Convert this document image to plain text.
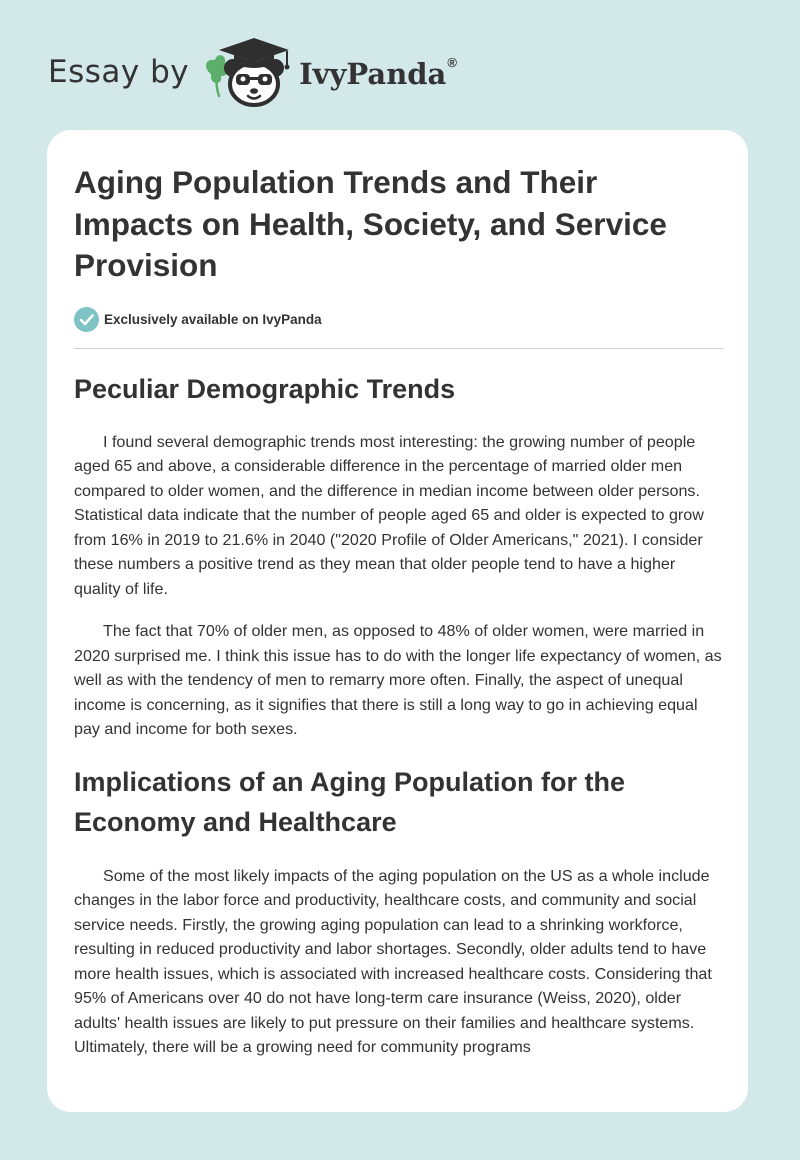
Essay by	IvyPanda®
Aging Population Trends and Their Impacts on Health, Society, and Service Provision
Exclusively available on IvyPanda
Peculiar Demographic Trends

I found several demographic trends most interesting: the growing number of people aged 65 and above, a considerable difference in the percentage of married older men compared to older women, and the difference in median income between older persons. Statistical data indicate that the number of people aged 65 and older is expected to grow from 16% in 2019 to 21.6% in 2040 ("2020 Profile of Older Americans," 2021). I consider these numbers a positive trend as they mean that older people tend to have a higher quality of life.

The fact that 70% of older men, as opposed to 48% of older women, were married in 2020 surprised me. I think this issue has to do with the longer life expectancy of women, as well as with the tendency of men to remarry more often. Finally, the aspect of unequal income is concerning, as it signifies that there is still a long way to go in achieving equal pay and income for both sexes.

Implications of an Aging Population for the Economy and Healthcare

Some of the most likely impacts of the aging population on the US as a whole include changes in the labor force and productivity, healthcare costs, and community and social service needs. Firstly, the growing aging population can lead to a shrinking workforce, resulting in reduced productivity and labor shortages. Secondly, older adults tend to have more health issues, which is associated with increased healthcare costs. Considering that 95% of Americans over 40 do not have long-term care insurance (Weiss, 2020), older adults' health issues are likely to put pressure on their families and healthcare systems. Ultimately, there will be a growing need for community programs
